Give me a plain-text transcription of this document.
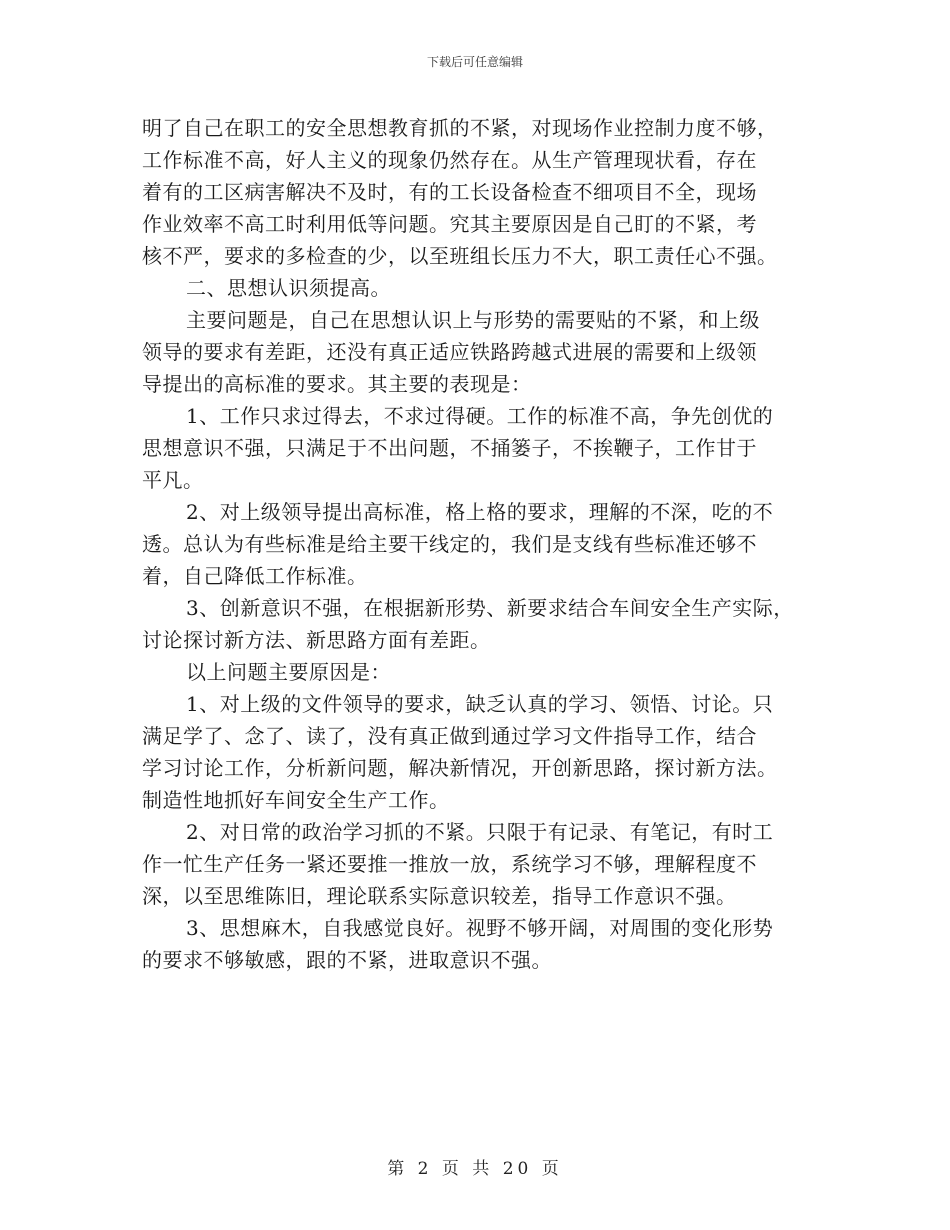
下载后可任意编辑
明了自己在职工的安全思想教育抓的不紧，对现场作业控制力度不够，
工作标准不高，好人主义的现象仍然存在。从生产管理现状看，存在
着有的工区病害解决不及时，有的工长设备检查不细项目不全，现场
作业效率不高工时利用低等问题。究其主要原因是自己盯的不紧，考
核不严，要求的多检查的少，以至班组长压力不大，职工责任心不强。
二、思想认识须提高。
主要问题是，自己在思想认识上与形势的需要贴的不紧，和上级
领导的要求有差距，还没有真正适应铁路跨越式进展的需要和上级领
导提出的高标准的要求。其主要的表现是：
1、工作只求过得去，不求过得硬。工作的标准不高，争先创优的
思想意识不强，只满足于不出问题，不捅篓子，不挨鞭子，工作甘于
平凡。
2、对上级领导提出高标准，格上格的要求，理解的不深，吃的不
透。总认为有些标准是给主要干线定的，我们是支线有些标准还够不
着，自己降低工作标准。
3、创新意识不强，在根据新形势、新要求结合车间安全生产实际，
讨论探讨新方法、新思路方面有差距。
以上问题主要原因是：
1、对上级的文件领导的要求，缺乏认真的学习、领悟、讨论。只
满足学了、念了、读了，没有真正做到通过学习文件指导工作，结合
学习讨论工作，分析新问题，解决新情况，开创新思路，探讨新方法。
制造性地抓好车间安全生产工作。
2、对日常的政治学习抓的不紧。只限于有记录、有笔记，有时工
作一忙生产任务一紧还要推一推放一放，系统学习不够，理解程度不
深，以至思维陈旧，理论联系实际意识较差，指导工作意识不强。
3、思想麻木，自我感觉良好。视野不够开阔，对周围的变化形势
的要求不够敏感，跟的不紧，进取意识不强。
第 2 页 共 20 页
